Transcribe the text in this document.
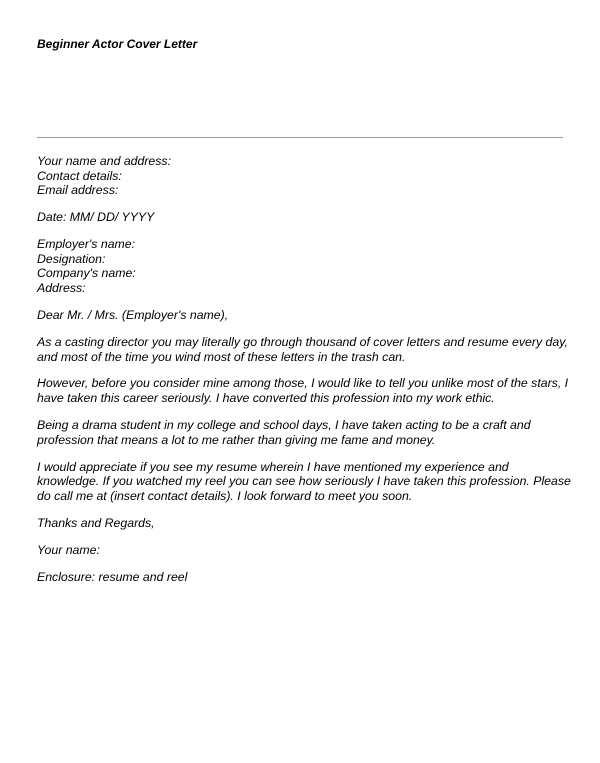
Beginner Actor Cover Letter
Your name and address:
Contact details:
Email address:
Date: MM/ DD/ YYYY
Employer's name:
Designation:
Company's name:
Address:
Dear Mr. / Mrs. (Employer's name),

As a casting director you may literally go through thousand of cover letters and resume every day,
and most of the time you wind most of these letters in the trash can.

However, before you consider mine among those, I would like to tell you unlike most of the stars, I
have taken this career seriously. I have converted this profession into my work ethic.

Being a drama student in my college and school days, I have taken acting to be a craft and
profession that means a lot to me rather than giving me fame and money.

I would appreciate if you see my resume wherein I have mentioned my experience and
knowledge. If you watched my reel you can see how seriously I have taken this profession. Please
do call me at (insert contact details). I look forward to meet you soon.

Thanks and Regards,
Your name:
Enclosure: resume and reel
